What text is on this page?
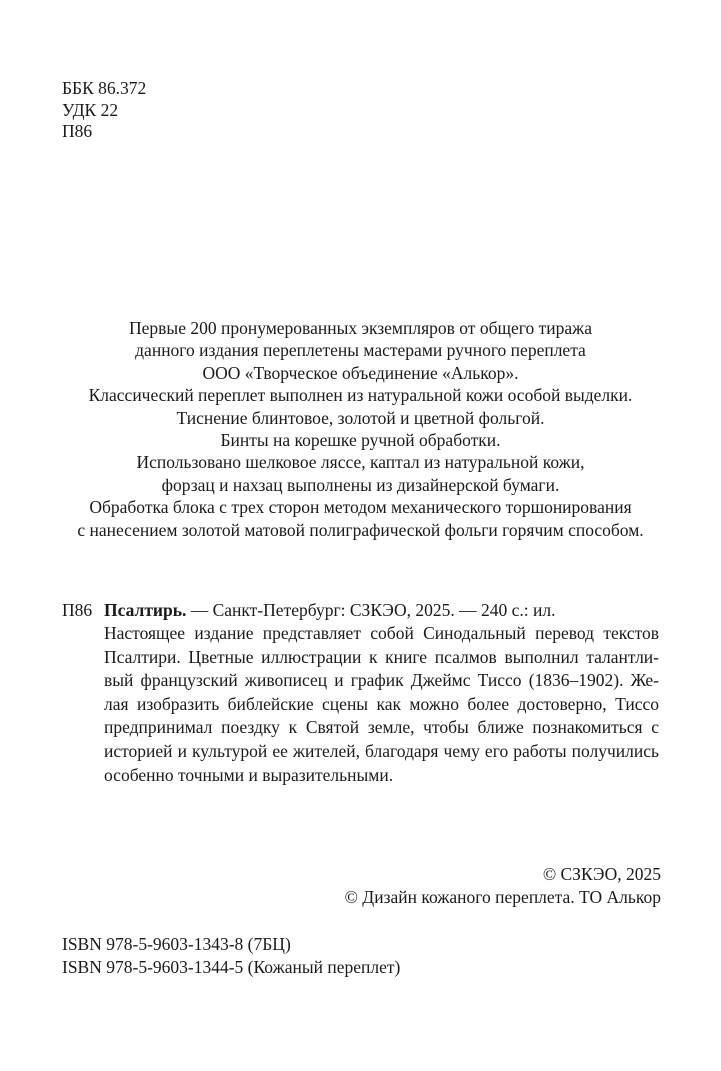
ББК 86.372
УДК 22
П86
Первые 200 пронумерованных экземпляров от общего тиража
данного издания переплетены мастерами ручного переплета
ООО «Творческое объединение «Алькор».
Классический переплет выполнен из натуральной кожи особой выделки.
Тиснение блинтовое, золотой и цветной фольгой.
Бинты на корешке ручной обработки.
Использовано шелковое ляссе, каптал из натуральной кожи,
форзац и нахзац выполнены из дизайнерской бумаги.
Обработка блока с трех сторон методом механического торшонирования
с нанесением золотой матовой полиграфической фольги горячим способом.
П86 Псалтирь. — Санкт-Петербург: СЗКЭО, 2025. — 240 с.: ил.
Настоящее издание представляет собой Синодальный перевод текстов
Псалтири. Цветные иллюстрации к книге псалмов выполнил талантли-
вый французский живописец и график Джеймс Тиссо (1836–1902). Же-
лая изобразить библейские сцены как можно более достоверно, Тиссо
предпринимал поездку к Святой земле, чтобы ближе познакомиться с
историей и культурой ее жителей, благодаря чему его работы получились
особенно точными и выразительными.
© СЗКЭО, 2025
© Дизайн кожаного переплета. ТО Алькор
ISBN 978-5-9603-1343-8 (7БЦ)
ISBN 978-5-9603-1344-5 (Кожаный переплет)
